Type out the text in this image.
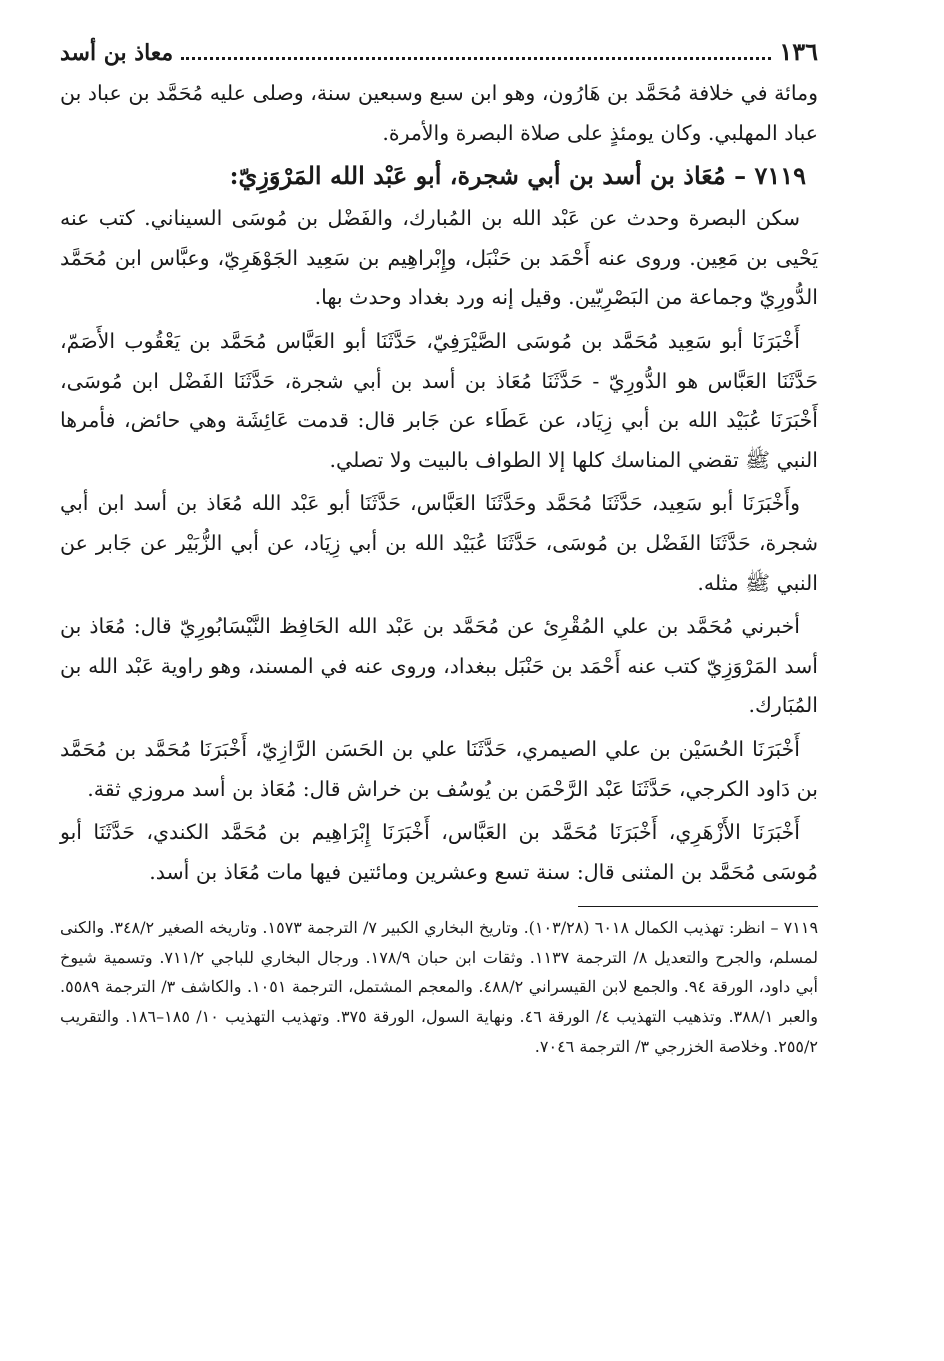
١٣٦
معاذ بن أسد

ومائة في خلافة مُحَمَّد بن هَارُون، وهو ابن سبع وسبعين سنة، وصلى عليه مُحَمَّد بن عباد بن عباد المهلبي. وكان يومئذٍ على صلاة البصرة والأمرة.

٧١١٩ – مُعَاذ بن أسد بن أبي شجرة، أبو عَبْد الله المَرْوَزِيّ:

سكن البصرة وحدث عن عَبْد الله بن المُبارك، والفَضْل بن مُوسَى السيناني. كتب عنه يَحْيى بن مَعِين. وروى عنه أَحْمَد بن حَنْبَل، وإِبْراهِيم بن سَعِيد الجَوْهَرِيّ، وعبَّاس ابن مُحَمَّد الدُّورِيّ وجماعة من البَصْرِيّين. وقيل إنه ورد بغداد وحدث بها.

أَخْبَرَنَا أبو سَعِيد مُحَمَّد بن مُوسَى الصَّيْرَفِيّ، حَدَّثَنَا أبو العَبَّاس مُحَمَّد بن يَعْقُوب الأَصَمّ، حَدَّثَنَا العَبَّاس هو الدُّورِيّ - حَدَّثَنَا مُعَاذ بن أسد بن أبي شجرة، حَدَّثَنَا الفَضْل ابن مُوسَى، أَخْبَرَنَا عُبَيْد الله بن أبي زِيَاد، عن عَطَاء عن جَابر قال: قدمت عَائِشَة وهي حائض، فأمرها النبي ﷺ تقضي المناسك كلها إلا الطواف بالبيت ولا تصلي.

وأَخْبَرَنَا أبو سَعِيد، حَدَّثَنَا مُحَمَّد وحَدَّثَنَا العَبَّاس، حَدَّثَنَا أبو عَبْد الله مُعَاذ بن أسد ابن أبي شجرة، حَدَّثَنَا الفَضْل بن مُوسَى، حَدَّثَنَا عُبَيْد الله بن أبي زِيَاد، عن أبي الزُّبَيْر عن جَابر عن النبي ﷺ مثله.

أخبرني مُحَمَّد بن علي المُقْرِئ عن مُحَمَّد بن عَبْد الله الحَافِظ النَّيْسَابُورِيّ قال: مُعَاذ بن أسد المَرْوَزِيّ كتب عنه أَحْمَد بن حَنْبَل ببغداد، وروى عنه في المسند، وهو راوية عَبْد الله بن المُبَارك.

أَخْبَرَنَا الحُسَيْن بن علي الصيمري، حَدَّثَنَا علي بن الحَسَن الرَّازِيّ، أَخْبَرَنَا مُحَمَّد بن مُحَمَّد بن دَاود الكرجي، حَدَّثَنَا عَبْد الرَّحْمَن بن يُوسُف بن خراش قال: مُعَاذ بن أسد مروزي ثقة.

أَخْبَرَنَا الأَزْهَرِي، أَخْبَرَنَا مُحَمَّد بن العَبَّاس، أَخْبَرَنَا إِبْرَاهِيم بن مُحَمَّد الكندي، حَدَّثَنَا أبو مُوسَى مُحَمَّد بن المثنى قال: سنة تسع وعشرين ومائتين فيها مات مُعَاذ بن أسد.

٧١١٩ – انظر: تهذيب الكمال ٦٠١٨ (١٠٣/٢٨). وتاريخ البخاري الكبير ٧/ الترجمة ١٥٧٣. وتاريخه الصغير ٣٤٨/٢. والكنى لمسلم، والجرح والتعديل ٨/ الترجمة ١١٣٧. وثقات ابن حبان ١٧٨/٩. ورجال البخاري للباجي ٧١١/٢. وتسمية شيوخ أبي داود، الورقة ٩٤. والجمع لابن القيسراني ٤٨٨/٢. والمعجم المشتمل، الترجمة ١٠٥١. والكاشف ٣/ الترجمة ٥٥٨٩. والعبر ٣٨٨/١. وتذهيب التهذيب ٤/ الورقة ٤٦. ونهاية السول، الورقة ٣٧٥. وتهذيب التهذيب ١٠/ ١٨٥–١٨٦. والتقريب ٢٥٥/٢. وخلاصة الخزرجي ٣/ الترجمة ٧٠٤٦.
